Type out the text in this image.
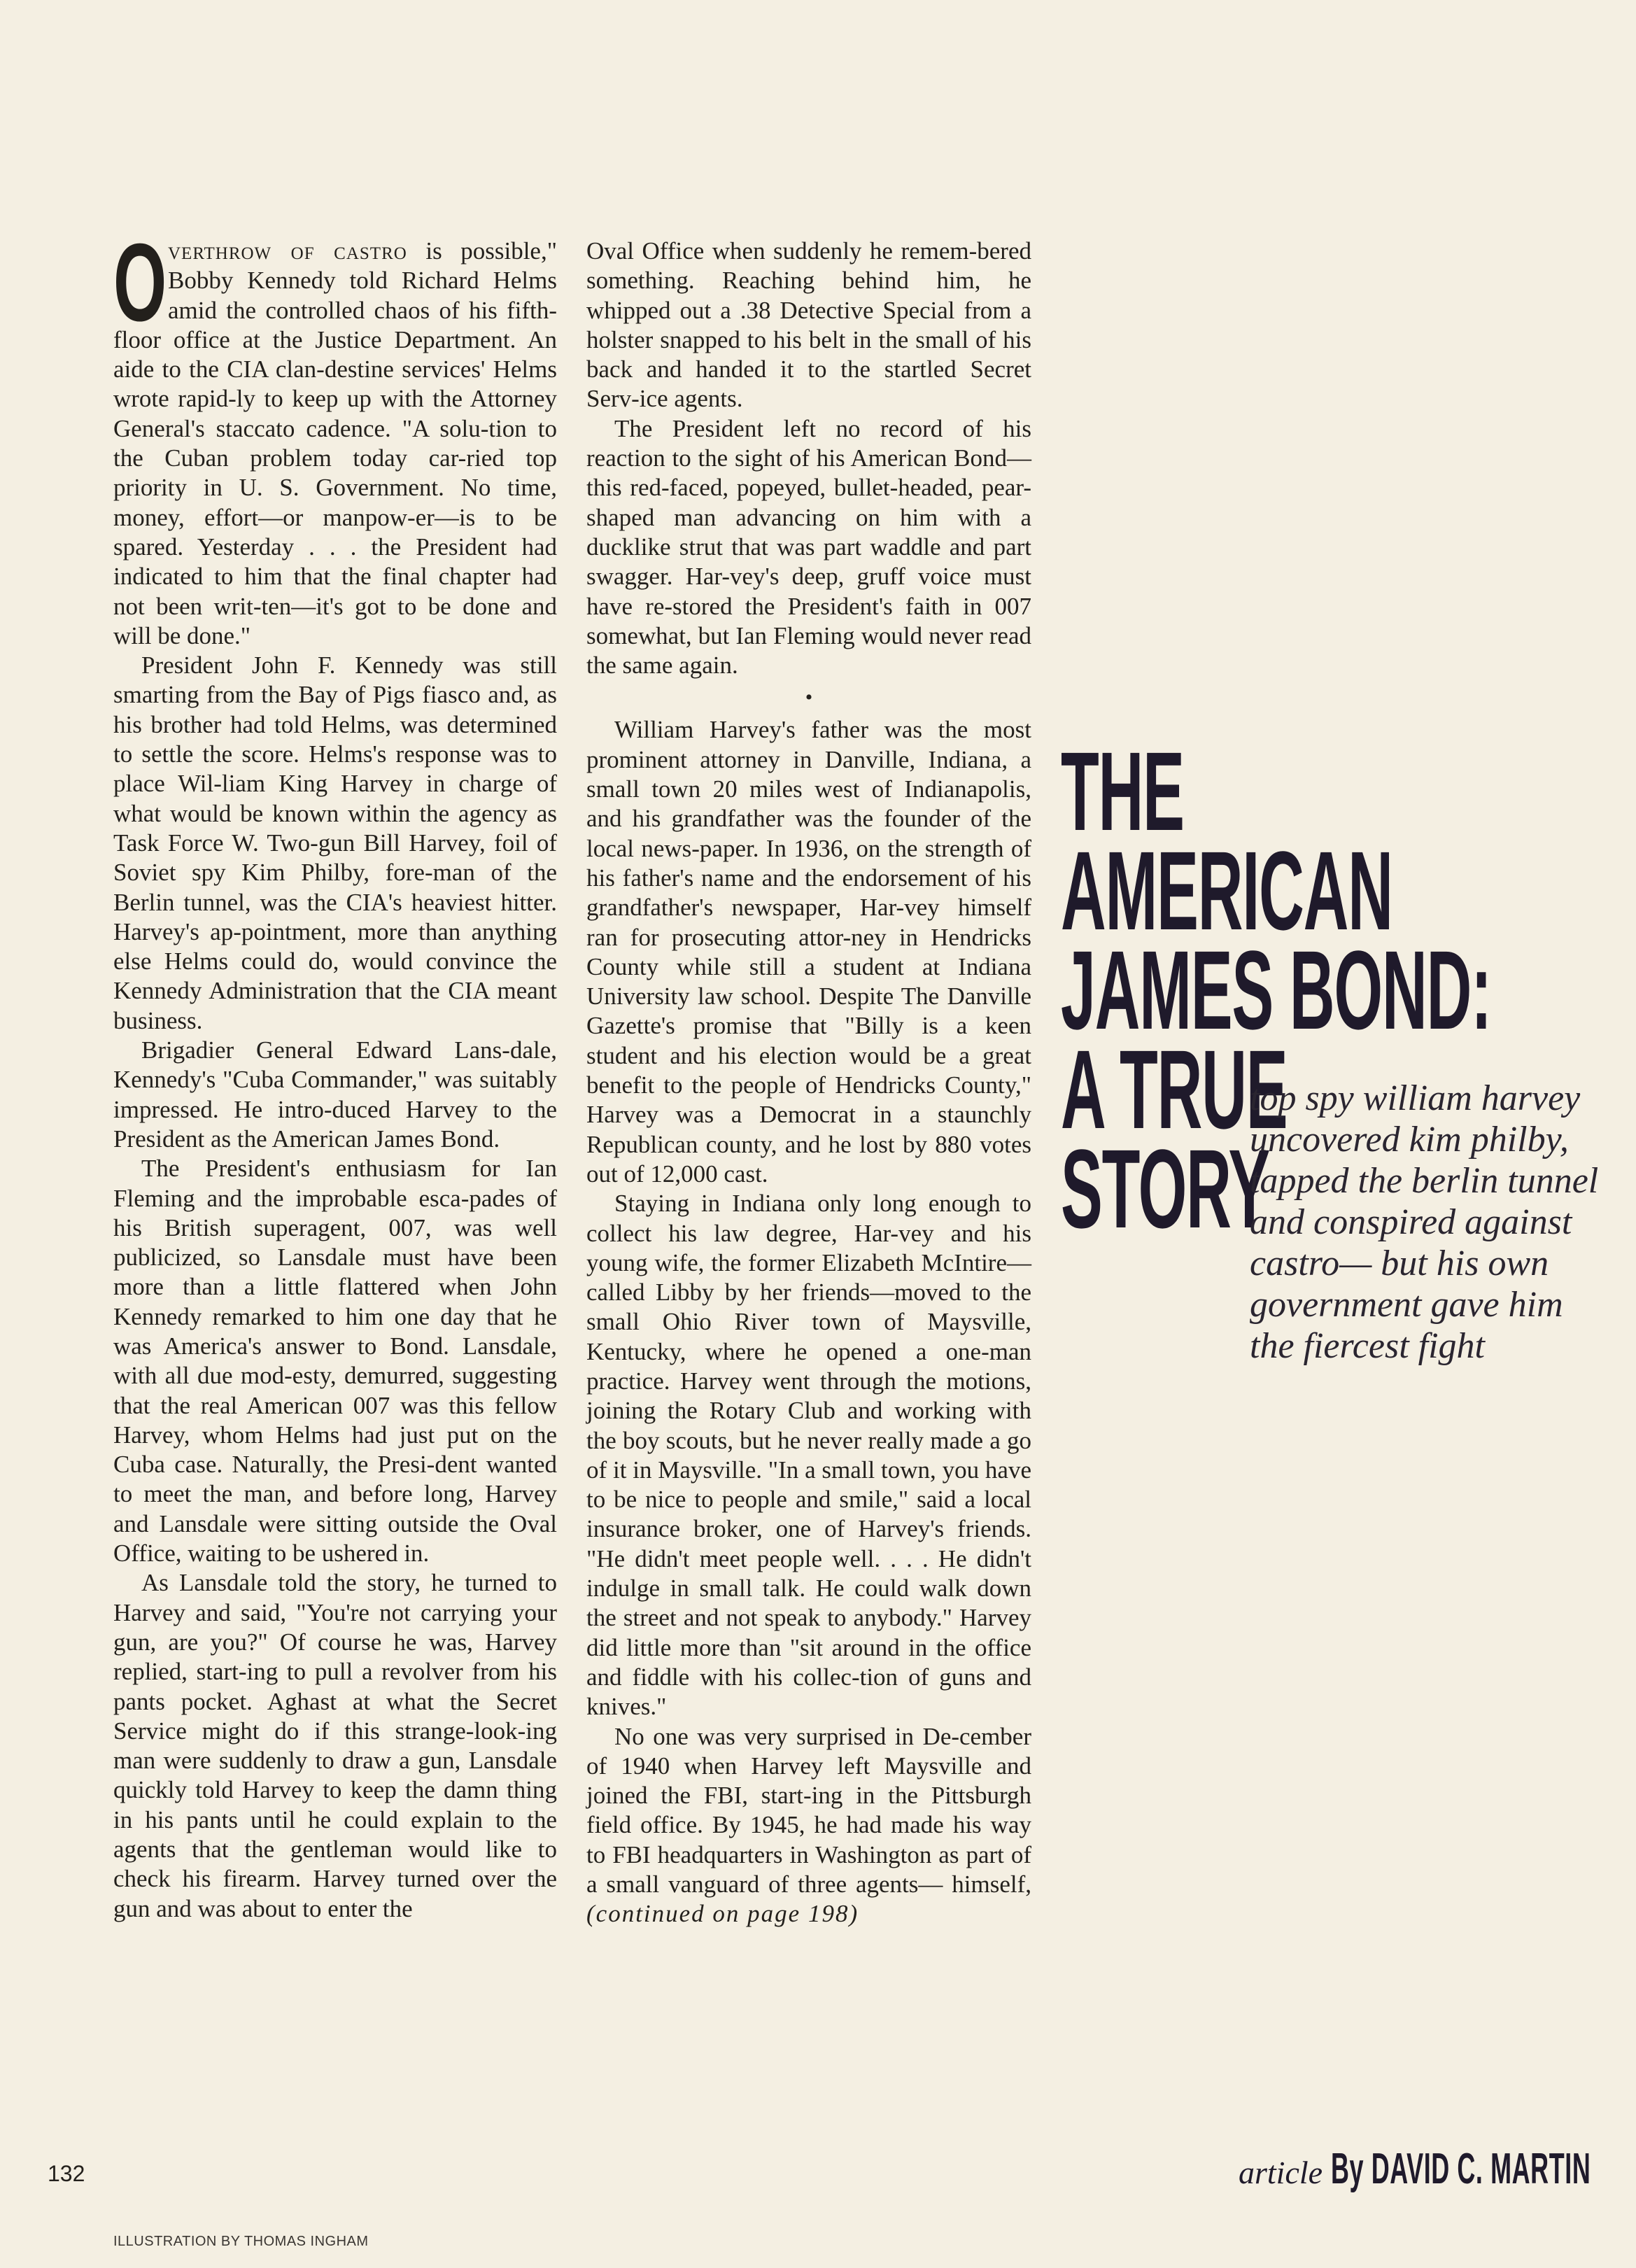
Overthrow of castro is possible," Bobby Kennedy told Richard Helms amid the controlled chaos of his fifth-floor office at the Justice Department. An aide to the CIA clan-destine services' Helms wrote rapid-ly to keep up with the Attorney General's staccato cadence. "A solu-tion to the Cuban problem today car-ried top priority in U. S. Government. No time, money, effort—or manpow-er—is to be spared. Yesterday . . . the President had indicated to him that the final chapter had not been writ-ten—it's got to be done and will be done."

President John F. Kennedy was still smarting from the Bay of Pigs fiasco and, as his brother had told Helms, was determined to settle the score. Helms's response was to place Wil-liam King Harvey in charge of what would be known within the agency as Task Force W. Two-gun Bill Harvey, foil of Soviet spy Kim Philby, fore-man of the Berlin tunnel, was the CIA's heaviest hitter. Harvey's ap-pointment, more than anything else Helms could do, would convince the Kennedy Administration that the CIA meant business.

Brigadier General Edward Lans-dale, Kennedy's "Cuba Commander," was suitably impressed. He intro-duced Harvey to the President as the American James Bond.

The President's enthusiasm for Ian Fleming and the improbable esca-pades of his British superagent, 007, was well publicized, so Lansdale must have been more than a little flattered when John Kennedy remarked to him one day that he was America's answer to Bond. Lansdale, with all due mod-esty, demurred, suggesting that the real American 007 was this fellow Harvey, whom Helms had just put on the Cuba case. Naturally, the Presi-dent wanted to meet the man, and before long, Harvey and Lansdale were sitting outside the Oval Office, waiting to be ushered in.

As Lansdale told the story, he turned to Harvey and said, "You're not carrying your gun, are you?" Of course he was, Harvey replied, start-ing to pull a revolver from his pants pocket. Aghast at what the Secret Service might do if this strange-look-ing man were suddenly to draw a gun, Lansdale quickly told Harvey to keep the damn thing in his pants until he could explain to the agents that the gentleman would like to check his firearm. Harvey turned over the gun and was about to enter the

Oval Office when suddenly he remem-bered something. Reaching behind him, he whipped out a .38 Detective Special from a holster snapped to his belt in the small of his back and handed it to the startled Secret Serv-ice agents.

The President left no record of his reaction to the sight of his American Bond—this red-faced, popeyed, bullet-headed, pear-shaped man advancing on him with a ducklike strut that was part waddle and part swagger. Har-vey's deep, gruff voice must have re-stored the President's faith in 007 somewhat, but Ian Fleming would never read the same again.

•

William Harvey's father was the most prominent attorney in Danville, Indiana, a small town 20 miles west of Indianapolis, and his grandfather was the founder of the local news-paper. In 1936, on the strength of his father's name and the endorsement of his grandfather's newspaper, Har-vey himself ran for prosecuting attor-ney in Hendricks County while still a student at Indiana University law school. Despite The Danville Gazette's promise that "Billy is a keen student and his election would be a great benefit to the people of Hendricks County," Harvey was a Democrat in a staunchly Republican county, and he lost by 880 votes out of 12,000 cast.

Staying in Indiana only long enough to collect his law degree, Har-vey and his young wife, the former Elizabeth McIntire—called Libby by her friends—moved to the small Ohio River town of Maysville, Kentucky, where he opened a one-man practice. Harvey went through the motions, joining the Rotary Club and working with the boy scouts, but he never really made a go of it in Maysville. "In a small town, you have to be nice to people and smile," said a local insurance broker, one of Harvey's friends. "He didn't meet people well. . . . He didn't indulge in small talk. He could walk down the street and not speak to anybody." Harvey did little more than "sit around in the office and fiddle with his collec-tion of guns and knives."

No one was very surprised in De-cember of 1940 when Harvey left Maysville and joined the FBI, start-ing in the Pittsburgh field office. By 1945, he had made his way to FBI headquarters in Washington as part of a small vanguard of three agents— himself, (continued on page 198)

THE
AMERICAN
JAMES BOND:
A TRUE
STORY
top spy william harvey uncovered kim philby, tapped the berlin tunnel and conspired against castro— but his own government gave him the fiercest fight
article By DAVID C. MARTIN
132
ILLUSTRATION BY THOMAS INGHAM
